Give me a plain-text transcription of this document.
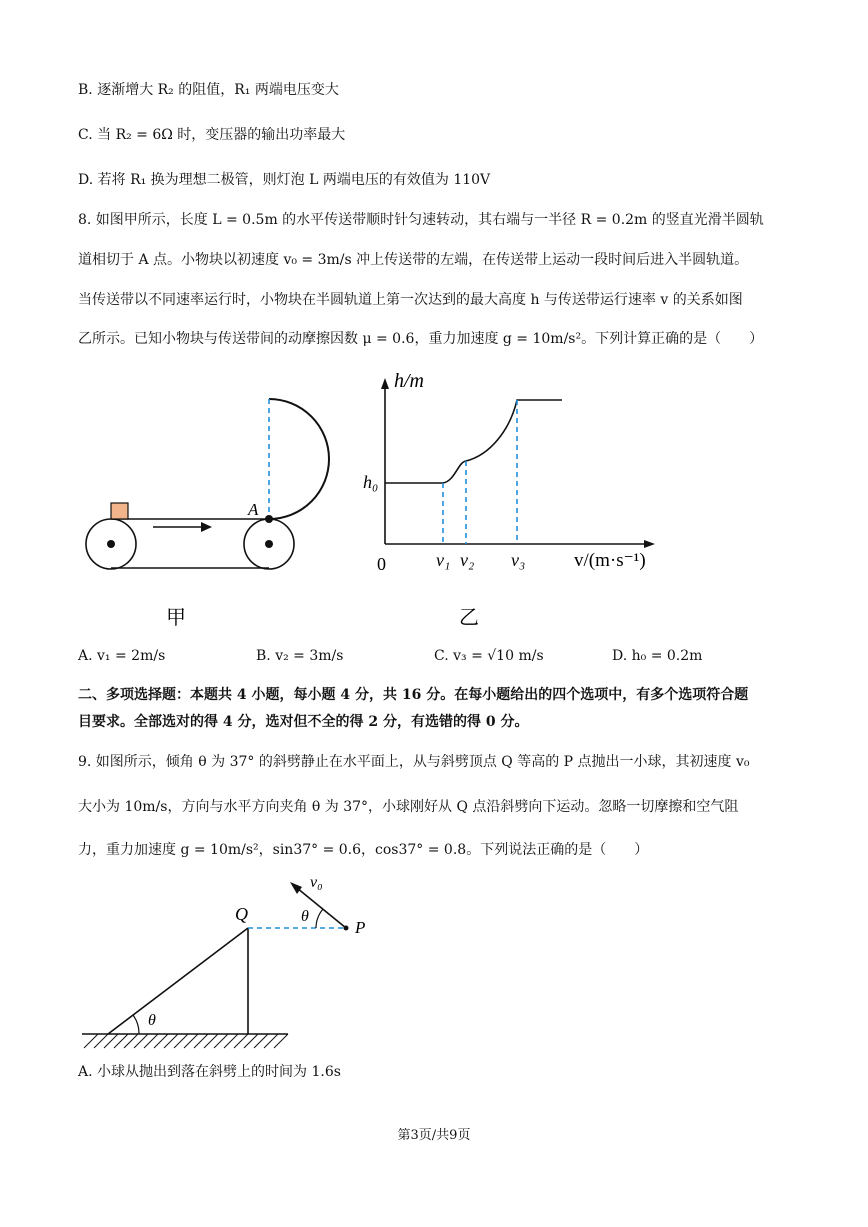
B. 逐渐增大 R₂ 的阻值，R₁ 两端电压变大
C. 当 R₂ = 6Ω 时，变压器的输出功率最大
D. 若将 R₁ 换为理想二极管，则灯泡 L 两端电压的有效值为 110V
8. 如图甲所示，长度 L = 0.5m 的水平传送带顺时针匀速转动，其右端与一半径 R = 0.2m 的竖直光滑半圆轨
道相切于 A 点。小物块以初速度 v₀ = 3m/s 冲上传送带的左端，在传送带上运动一段时间后进入半圆轨道。
当传送带以不同速率运行时，小物块在半圆轨道上第一次达到的最大高度 h 与传送带运行速率 v 的关系如图
乙所示。已知小物块与传送带间的动摩擦因数 μ = 0.6，重力加速度 g = 10m/s²。下列计算正确的是（　　）
A
甲
h/m
h₀
0	v₁ v₂ v₃	v/(m·s⁻¹)
乙
A. v₁ = 2m/s	B. v₂ = 3m/s	C. v₃ = √10 m/s	D. h₀ = 0.2m
二、多项选择题：本题共 4 小题，每小题 4 分，共 16 分。在每小题给出的四个选项中，有多个选项符合题
目要求。全部选对的得 4 分，选对但不全的得 2 分，有选错的得 0 分。
9. 如图所示，倾角 θ 为 37° 的斜劈静止在水平面上，从与斜劈顶点 Q 等高的 P 点抛出一小球，其初速度 v₀
大小为 10m/s，方向与水平方向夹角 θ 为 37°，小球刚好从 Q 点沿斜劈向下运动。忽略一切摩擦和空气阻
力，重力加速度 g = 10m/s²，sin37° = 0.6，cos37° = 0.8。下列说法正确的是（　　）
Q
P
v₀
θ
θ
A. 小球从抛出到落在斜劈上的时间为 1.6s
第3页/共9页
